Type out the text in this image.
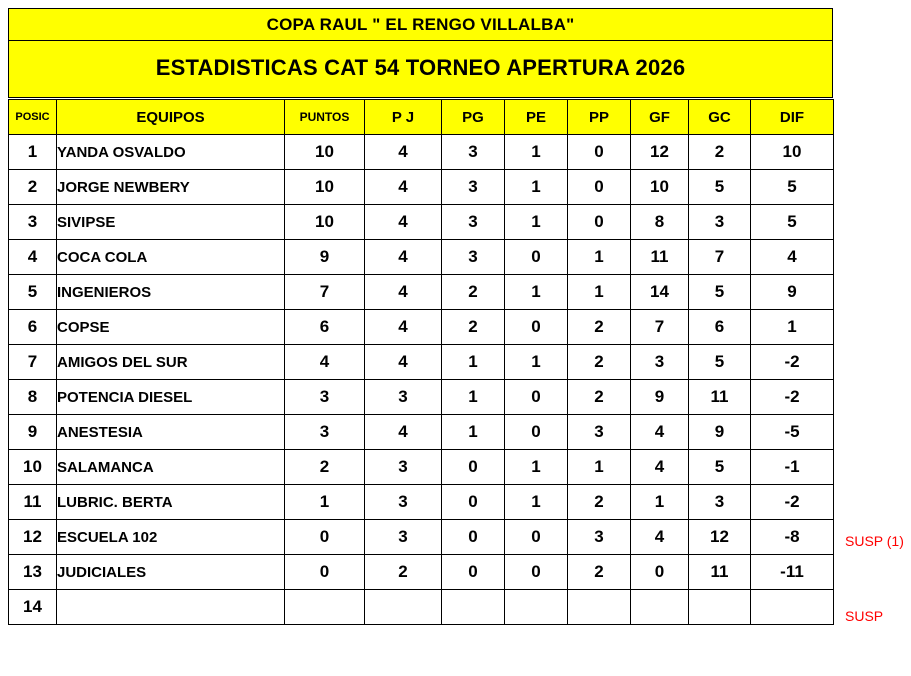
COPA RAUL " EL RENGO VILLALBA"
ESTADISTICAS CAT 54 TORNEO APERTURA 2026
POSIC	EQUIPOS	PUNTOS	P J	PG	PE	PP	GF	GC	DIF
1	YANDA OSVALDO	10	4	3	1	0	12	2	10
2	JORGE NEWBERY	10	4	3	1	0	10	5	5
3	SIVIPSE	10	4	3	1	0	8	3	5
4	COCA COLA	9	4	3	0	1	11	7	4
5	INGENIEROS	7	4	2	1	1	14	5	9
6	COPSE	6	4	2	0	2	7	6	1
7	AMIGOS DEL SUR	4	4	1	1	2	3	5	-2
8	POTENCIA DIESEL	3	3	1	0	2	9	11	-2
9	ANESTESIA	3	4	1	0	3	4	9	-5
10	SALAMANCA	2	3	0	1	1	4	5	-1
11	LUBRIC. BERTA	1	3	0	1	2	1	3	-2
12	ESCUELA 102	0	3	0	0	3	4	12	-8
13	JUDICIALES	0	2	0	0	2	0	11	-11
14									
SUSP (1)
SUSP
